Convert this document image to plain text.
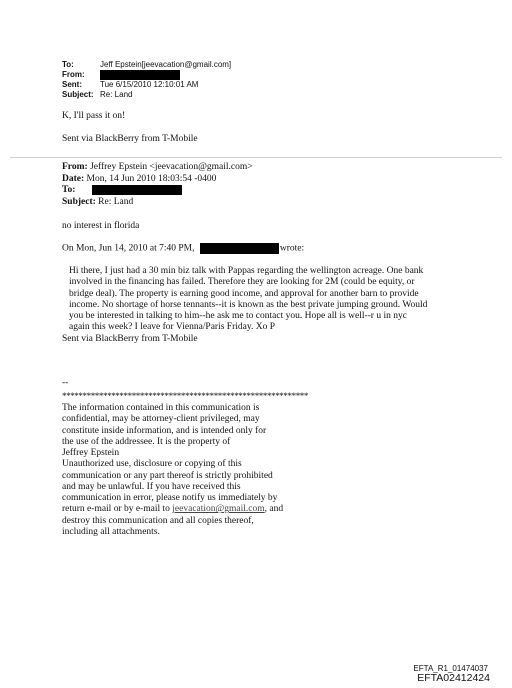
To:	Jeff Epstein[jeevacation@gmail.com]
From:
Sent:	Tue 6/15/2010 12:10:01 AM
Subject: Re: Land
K, I'll pass it on!
Sent via BlackBerry from T-Mobile
From: Jeffrey Epstein <jeevacation@gmail.com>
Date: Mon, 14 Jun 2010 18:03:54 -0400
To:
Subject: Re: Land
no interest in florida
On Mon, Jun 14, 2010 at 7:40 PM,	wrote:
Hi there, I just had a 30 min biz talk with Pappas regarding the wellington acreage. One bank
involved in the financing has failed. Therefore they are looking for 2M (could be equity, or
bridge deal). The property is earning good income, and approval for another barn to provide
income. No shortage of horse tennants--it is known as the best private jumping ground. Would
you be interested in talking to him--he ask me to contact you. Hope all is well--r u in nyc
again this week? I leave for Vienna/Paris Friday. Xo P
Sent via BlackBerry from T-Mobile
--
************************************************************
The information contained in this communication is
confidential, may be attorney-client privileged, may
constitute inside information, and is intended only for
the use of the addressee. It is the property of
Jeffrey Epstein
Unauthorized use, disclosure or copying of this
communication or any part thereof is strictly prohibited
and may be unlawful. If you have received this
communication in error, please notify us immediately by
return e-mail or by e-mail to jeevacation@gmail.com, and
destroy this communication and all copies thereof,
including all attachments.
EFTA_R1_01474037
EFTA02412424
